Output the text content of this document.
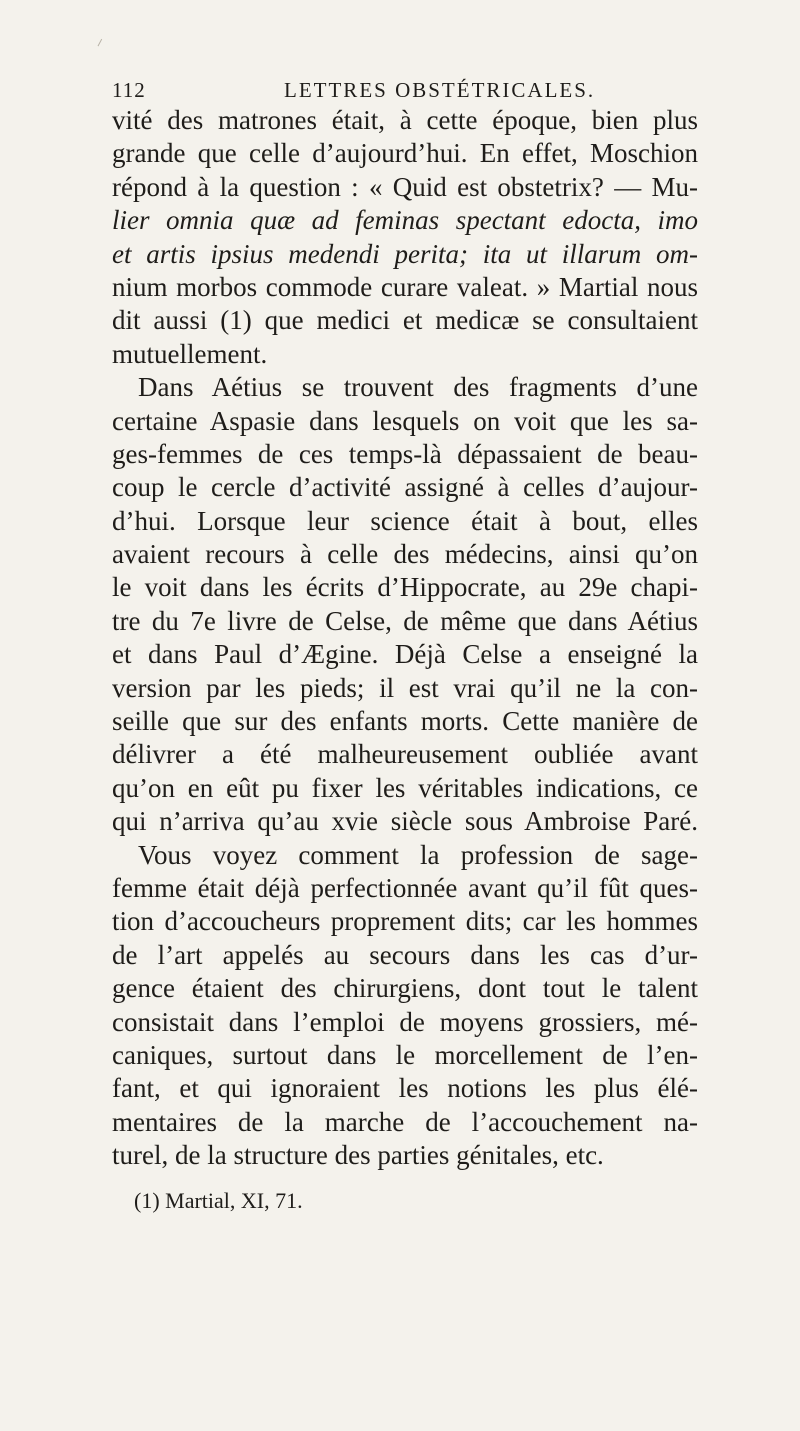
112	LETTRES OBSTÉTRICALES.
vité des matrones était, à cette époque, bien plus
grande que celle d’aujourd’hui. En effet, Moschion
répond à la question : « Quid est obstetrix? — Mu-
lier omnia quæ ad feminas spectant edocta, imo
et artis ipsius medendi perita; ita ut illarum om-
nium morbos commode curare valeat. » Martial nous
dit aussi (1) que medici et medicæ se consultaient
mutuellement.
Dans Aétius se trouvent des fragments d’une
certaine Aspasie dans lesquels on voit que les sa-
ges-femmes de ces temps-là dépassaient de beau-
coup le cercle d’activité assigné à celles d’aujour-
d’hui. Lorsque leur science était à bout, elles
avaient recours à celle des médecins, ainsi qu’on
le voit dans les écrits d’Hippocrate, au 29e chapi-
tre du 7e livre de Celse, de même que dans Aétius
et dans Paul d’Ægine. Déjà Celse a enseigné la
version par les pieds; il est vrai qu’il ne la con-
seille que sur des enfants morts. Cette manière de
délivrer a été malheureusement oubliée avant
qu’on en eût pu fixer les véritables indications, ce
qui n’arriva qu’au xvie siècle sous Ambroise Paré.
Vous voyez comment la profession de sage-
femme était déjà perfectionnée avant qu’il fût ques-
tion d’accoucheurs proprement dits; car les hommes
de l’art appelés au secours dans les cas d’ur-
gence étaient des chirurgiens, dont tout le talent
consistait dans l’emploi de moyens grossiers, mé-
caniques, surtout dans le morcellement de l’en-
fant, et qui ignoraient les notions les plus élé-
mentaires de la marche de l’accouchement na-
turel, de la structure des parties génitales, etc.
(1) Martial, XI, 71.
